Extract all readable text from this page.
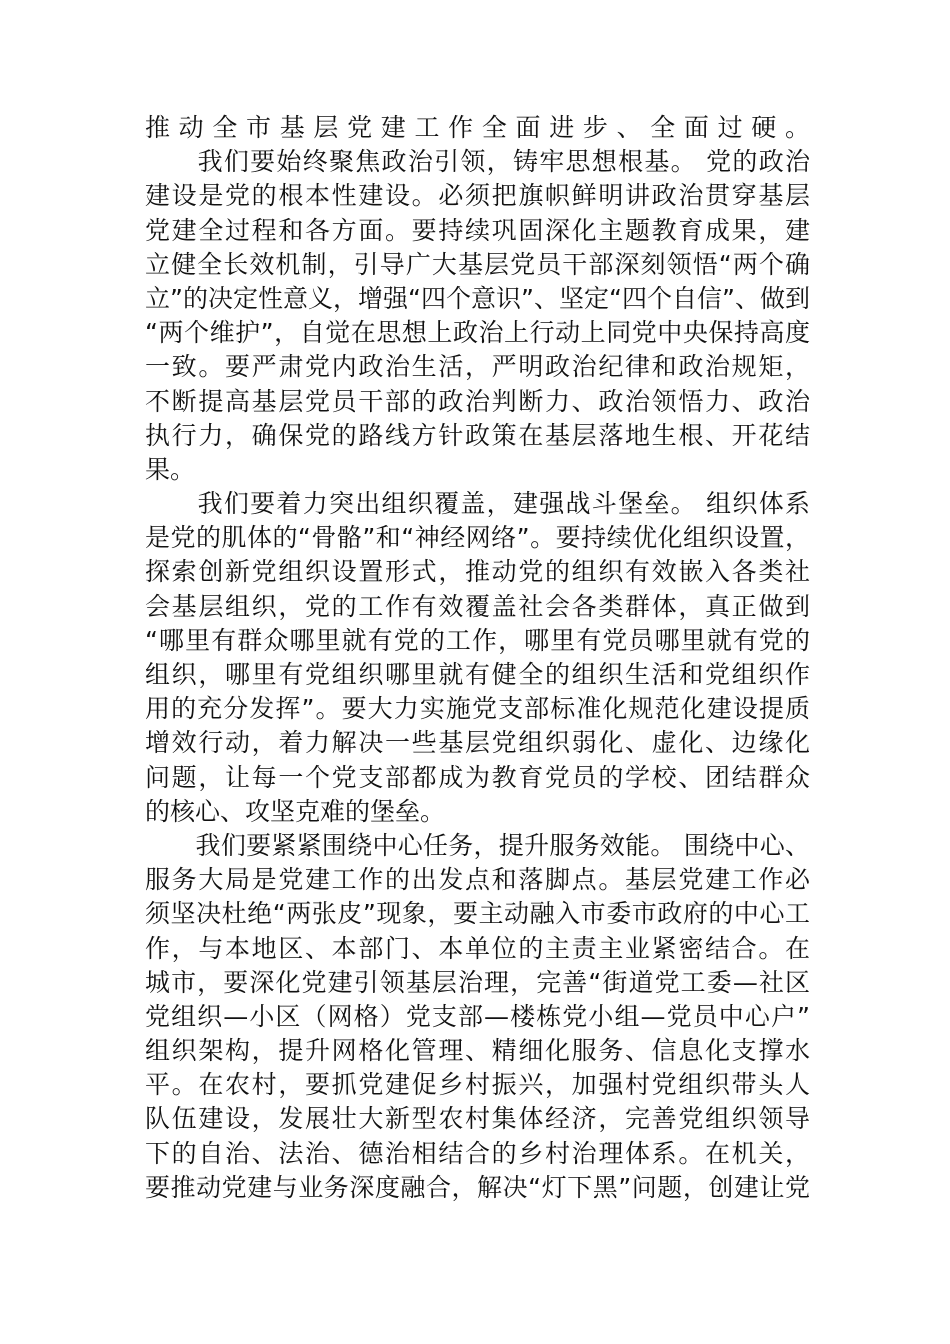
推动全市基层党建工作全面进步、全面过硬。
　　我们要始终聚焦政治引领，铸牢思想根基。 党的政治
建设是党的根本性建设。必须把旗帜鲜明讲政治贯穿基层
党建全过程和各方面。要持续巩固深化主题教育成果，建
立健全长效机制，引导广大基层党员干部深刻领悟“两个确
立”的决定性意义，增强“四个意识”、坚定“四个自信”、做到
“两个维护”，自觉在思想上政治上行动上同党中央保持高度
一致。要严肃党内政治生活，严明政治纪律和政治规矩，
不断提高基层党员干部的政治判断力、政治领悟力、政治
执行力，确保党的路线方针政策在基层落地生根、开花结
果。
　　我们要着力突出组织覆盖，建强战斗堡垒。 组织体系
是党的肌体的“骨骼”和“神经网络”。要持续优化组织设置，
探索创新党组织设置形式，推动党的组织有效嵌入各类社
会基层组织，党的工作有效覆盖社会各类群体，真正做到
“哪里有群众哪里就有党的工作，哪里有党员哪里就有党的
组织，哪里有党组织哪里就有健全的组织生活和党组织作
用的充分发挥”。要大力实施党支部标准化规范化建设提质
增效行动，着力解决一些基层党组织弱化、虚化、边缘化
问题，让每一个党支部都成为教育党员的学校、团结群众
的核心、攻坚克难的堡垒。
　　我们要紧紧围绕中心任务，提升服务效能。 围绕中心、
服务大局是党建工作的出发点和落脚点。基层党建工作必
须坚决杜绝“两张皮”现象，要主动融入市委市政府的中心工
作，与本地区、本部门、本单位的主责主业紧密结合。在
城市，要深化党建引领基层治理，完善“街道党工委—社区
党组织—小区（网格）党支部—楼栋党小组—党员中心户”
组织架构，提升网格化管理、精细化服务、信息化支撑水
平。在农村，要抓党建促乡村振兴，加强村党组织带头人
队伍建设，发展壮大新型农村集体经济，完善党组织领导
下的自治、法治、德治相结合的乡村治理体系。在机关，
要推动党建与业务深度融合，解决“灯下黑”问题，创建让党
